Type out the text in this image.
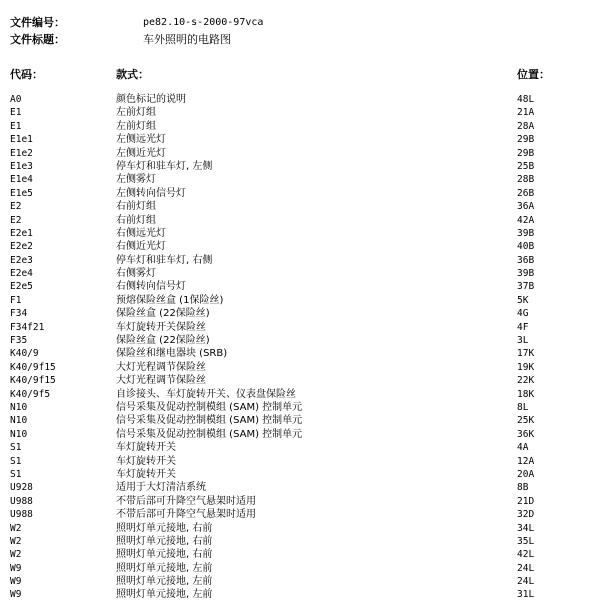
文件编号：	pe82.10-s-2000-97vca
文件标题：	车外照明的电路图
代码：	款式：	位置：
A0	颜色标记的说明	48L
E1	左前灯组	21A
E1	左前灯组	28A
E1e1	左侧远光灯	29B
E1e2	左侧近光灯	29B
E1e3	停车灯和驻车灯, 左侧	25B
E1e4	左侧雾灯	28B
E1e5	左侧转向信号灯	26B
E2	右前灯组	36A
E2	右前灯组	42A
E2e1	右侧远光灯	39B
E2e2	右侧近光灯	40B
E2e3	停车灯和驻车灯, 右侧	36B
E2e4	右侧雾灯	39B
E2e5	右侧转向信号灯	37B
F1	预熔保险丝盒 (1保险丝)	5K
F34	保险丝盒 (22保险丝)	4G
F34f21	车灯旋转开关保险丝	4F
F35	保险丝盒 (22保险丝)	3L
K40/9	保险丝和继电器块 (SRB)	17K
K40/9f15	大灯光程调节保险丝	19K
K40/9f15	大灯光程调节保险丝	22K
K40/9f5	自诊接头、车灯旋转开关、仪表盘保险丝	18K
N10	信号采集及促动控制模组 (SAM) 控制单元	8L
N10	信号采集及促动控制模组 (SAM) 控制单元	25K
N10	信号采集及促动控制模组 (SAM) 控制单元	36K
S1	车灯旋转开关	4A
S1	车灯旋转开关	12A
S1	车灯旋转开关	20A
U928	适用于大灯清洁系统	8B
U988	不带后部可升降空气悬架时适用	21D
U988	不带后部可升降空气悬架时适用	32D
W2	照明灯单元接地, 右前	34L
W2	照明灯单元接地, 右前	35L
W2	照明灯单元接地, 右前	42L
W9	照明灯单元接地, 左前	24L
W9	照明灯单元接地, 左前	24L
W9	照明灯单元接地, 左前	31L
